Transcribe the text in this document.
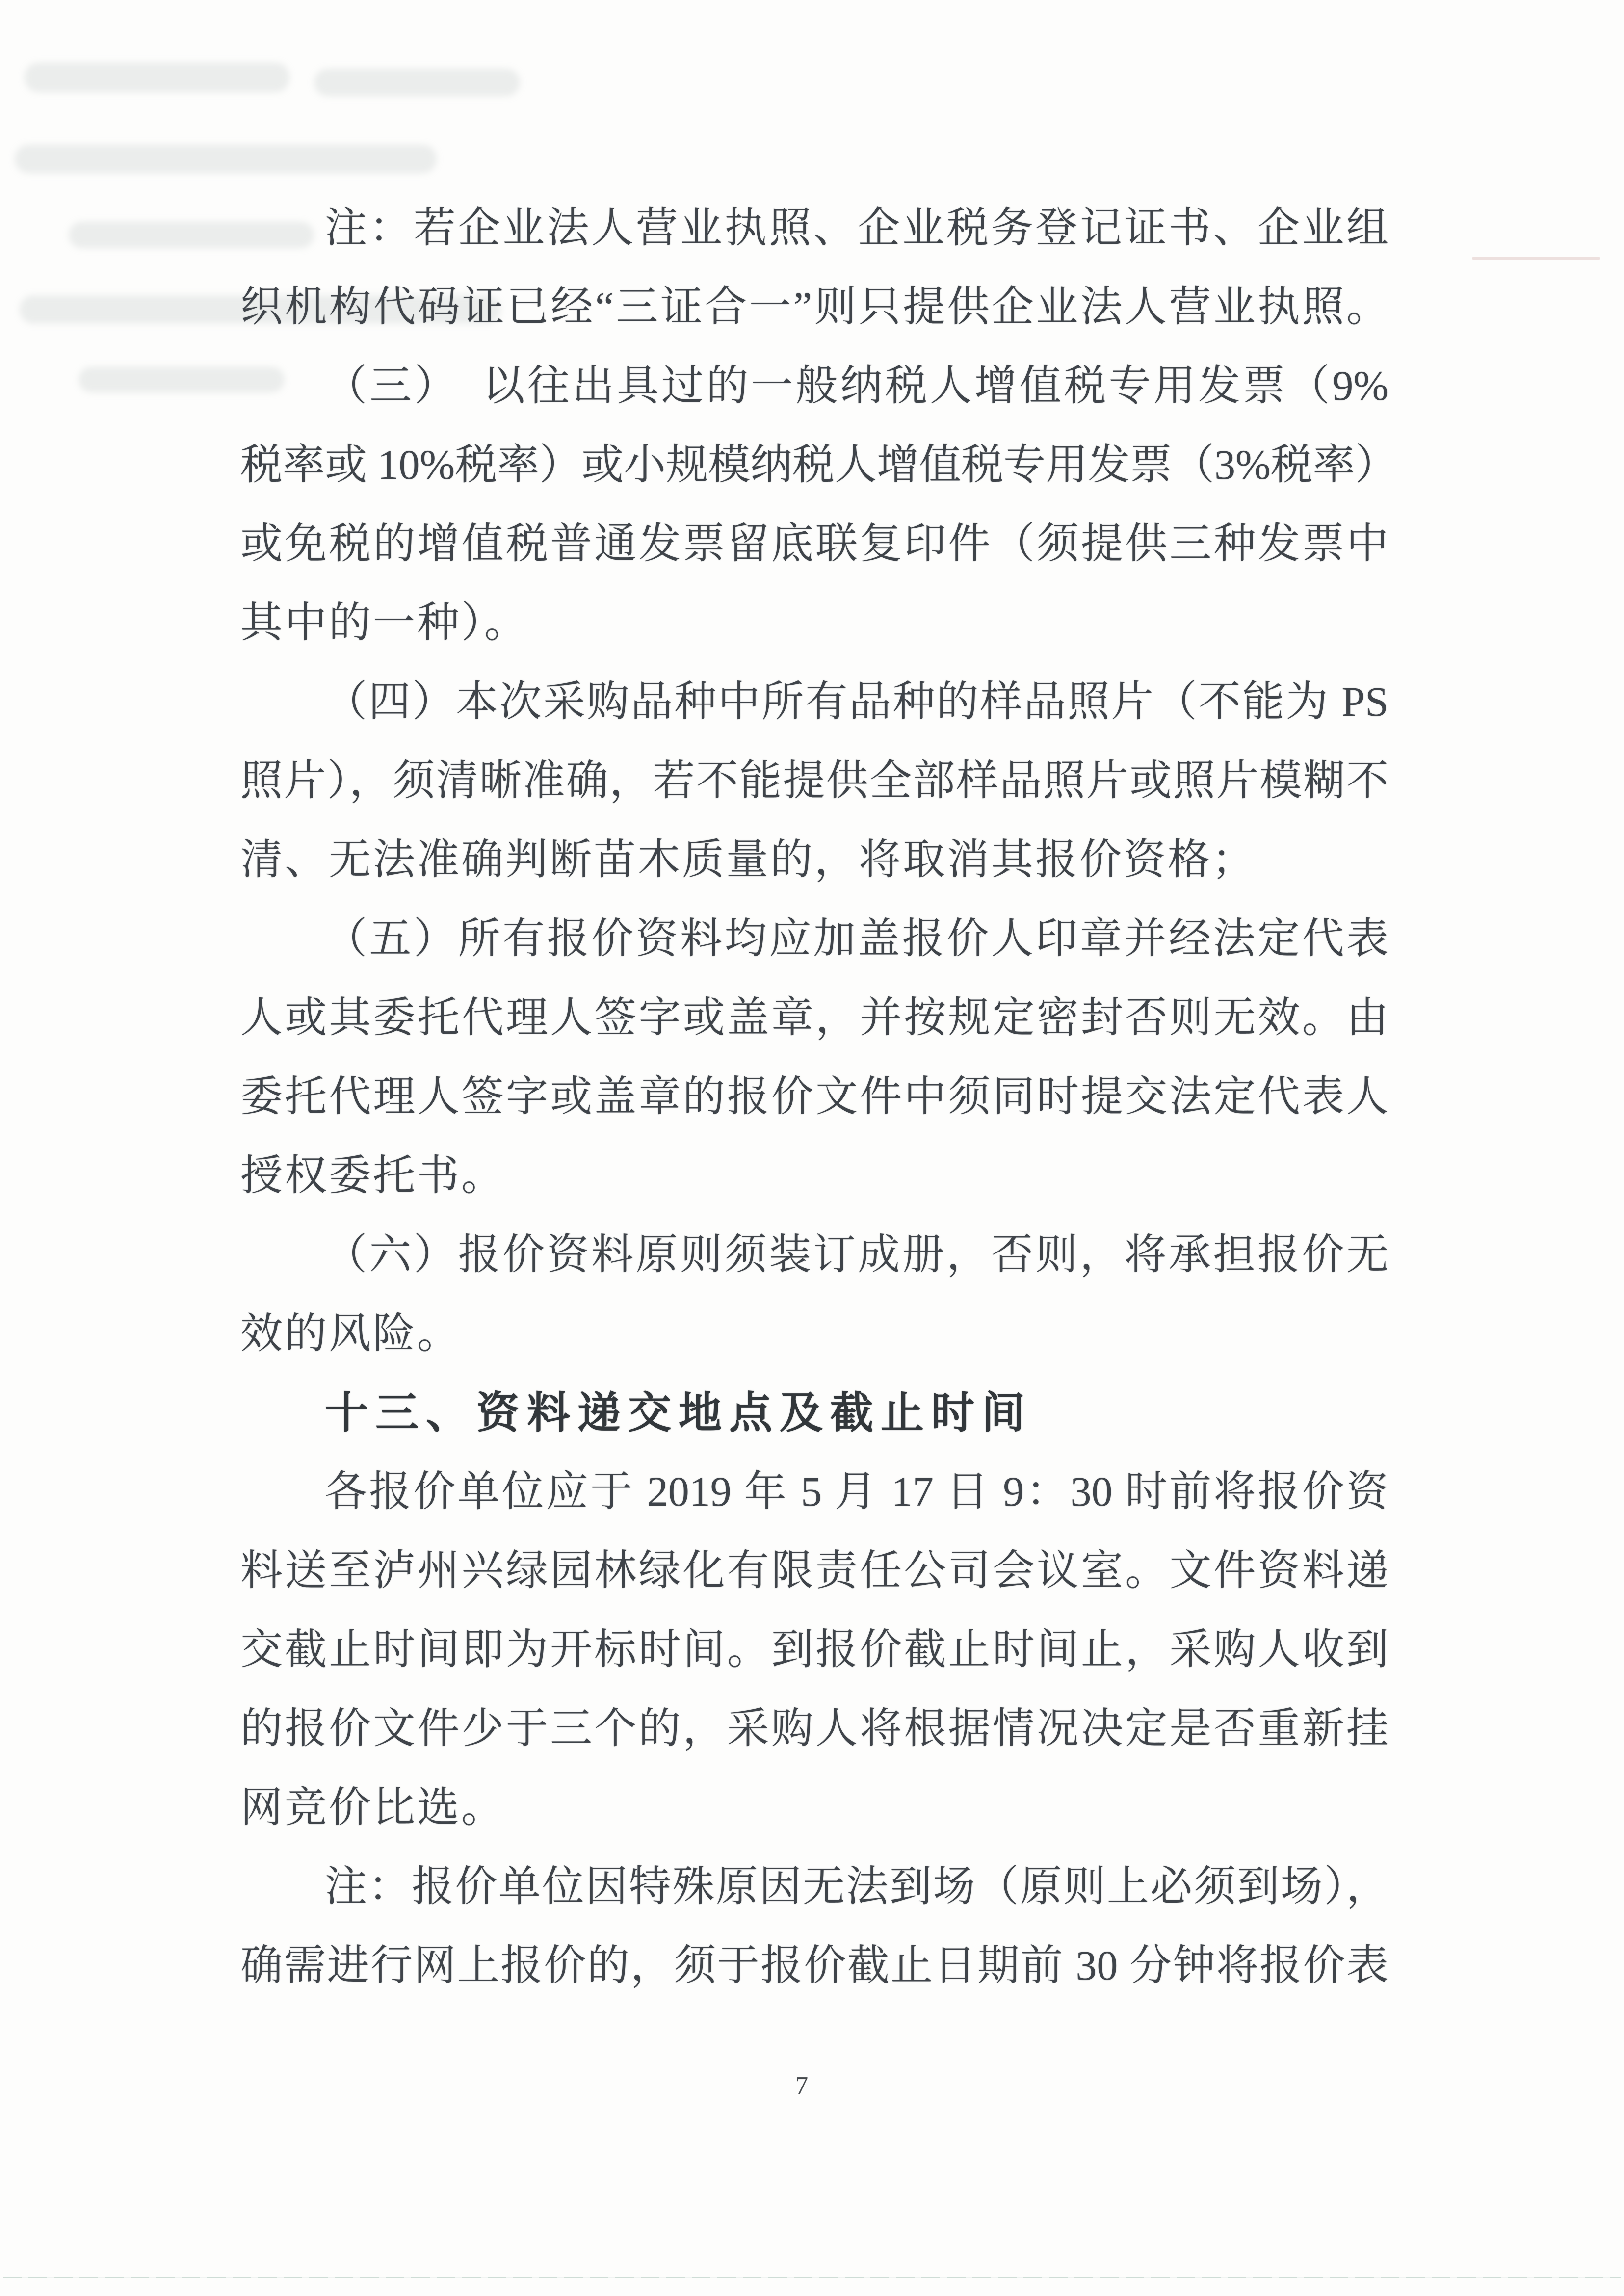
注：若企业法人营业执照、企业税务登记证书、企业组

织机构代码证已经“三证合一”则只提供企业法人营业执照。

（三）　以往出具过的一般纳税人增值税专用发票（9%

税率或 10%税率）或小规模纳税人增值税专用发票（3%税率）

或免税的增值税普通发票留底联复印件（须提供三种发票中

其中的一种）。

（四）本次采购品种中所有品种的样品照片（不能为 PS

照片），须清晰准确，若不能提供全部样品照片或照片模糊不

清、无法准确判断苗木质量的，将取消其报价资格；

（五）所有报价资料均应加盖报价人印章并经法定代表

人或其委托代理人签字或盖章，并按规定密封否则无效。由

委托代理人签字或盖章的报价文件中须同时提交法定代表人

授权委托书。

（六）报价资料原则须装订成册，否则，将承担报价无

效的风险。

十三、资料递交地点及截止时间

各报价单位应于 2019 年 5 月 17 日 9：30 时前将报价资

料送至泸州兴绿园林绿化有限责任公司会议室。文件资料递

交截止时间即为开标时间。到报价截止时间止，采购人收到

的报价文件少于三个的，采购人将根据情况决定是否重新挂

网竞价比选。

注：报价单位因特殊原因无法到场（原则上必须到场），

确需进行网上报价的，须于报价截止日期前 30 分钟将报价表

7
